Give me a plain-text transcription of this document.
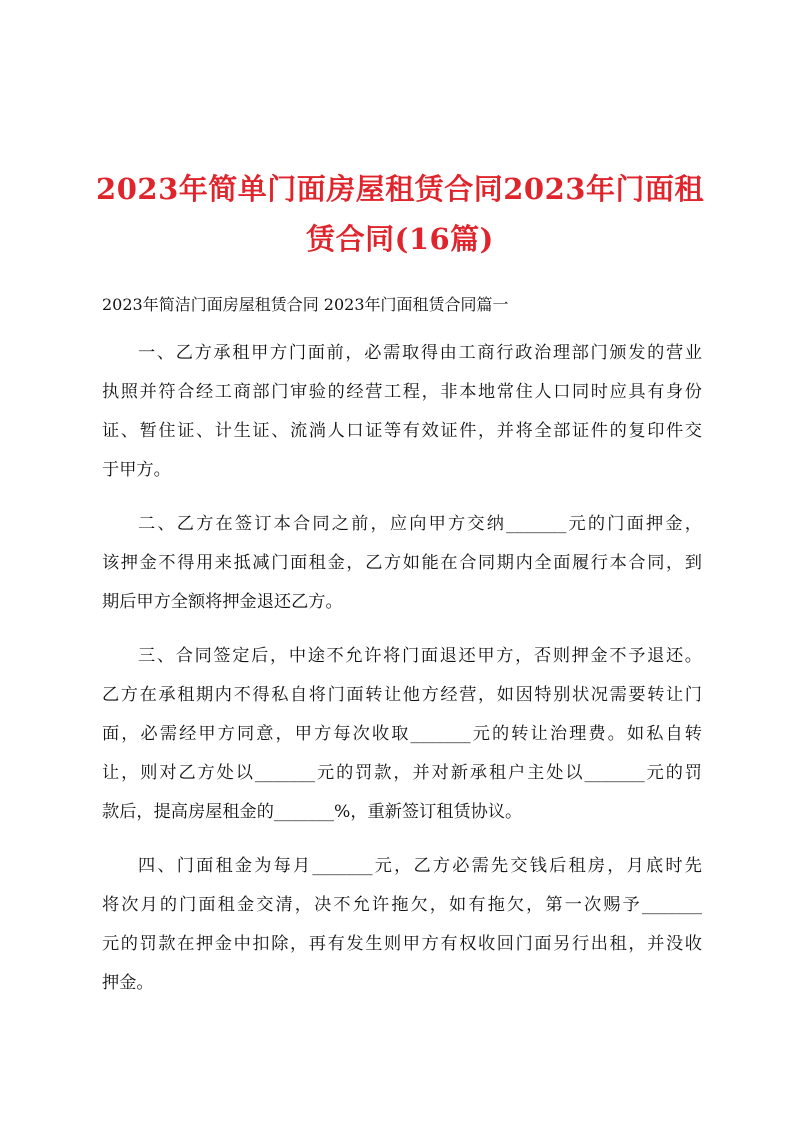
2023年简单门面房屋租赁合同2023年门面租
赁合同(16篇)
2023年简洁门面房屋租赁合同 2023年门面租赁合同篇一
一、乙方承租甲方门面前，必需取得由工商行政治理部门颁发的营业
执照并符合经工商部门审验的经营工程，非本地常住人口同时应具有身份
证、暂住证、计生证、流淌人口证等有效证件，并将全部证件的复印件交
于甲方。
二、乙方在签订本合同之前，应向甲方交纳_______元的门面押金，
该押金不得用来抵减门面租金，乙方如能在合同期内全面履行本合同，到
期后甲方全额将押金退还乙方。
三、合同签定后，中途不允许将门面退还甲方，否则押金不予退还。
乙方在承租期内不得私自将门面转让他方经营，如因特别状况需要转让门
面，必需经甲方同意，甲方每次收取_______元的转让治理费。如私自转
让，则对乙方处以_______元的罚款，并对新承租户主处以_______元的罚
款后，提高房屋租金的_______%，重新签订租赁协议。
四、门面租金为每月_______元，乙方必需先交钱后租房，月底时先
将次月的门面租金交清，决不允许拖欠，如有拖欠，第一次赐予_______
元的罚款在押金中扣除，再有发生则甲方有权收回门面另行出租，并没收
押金。
